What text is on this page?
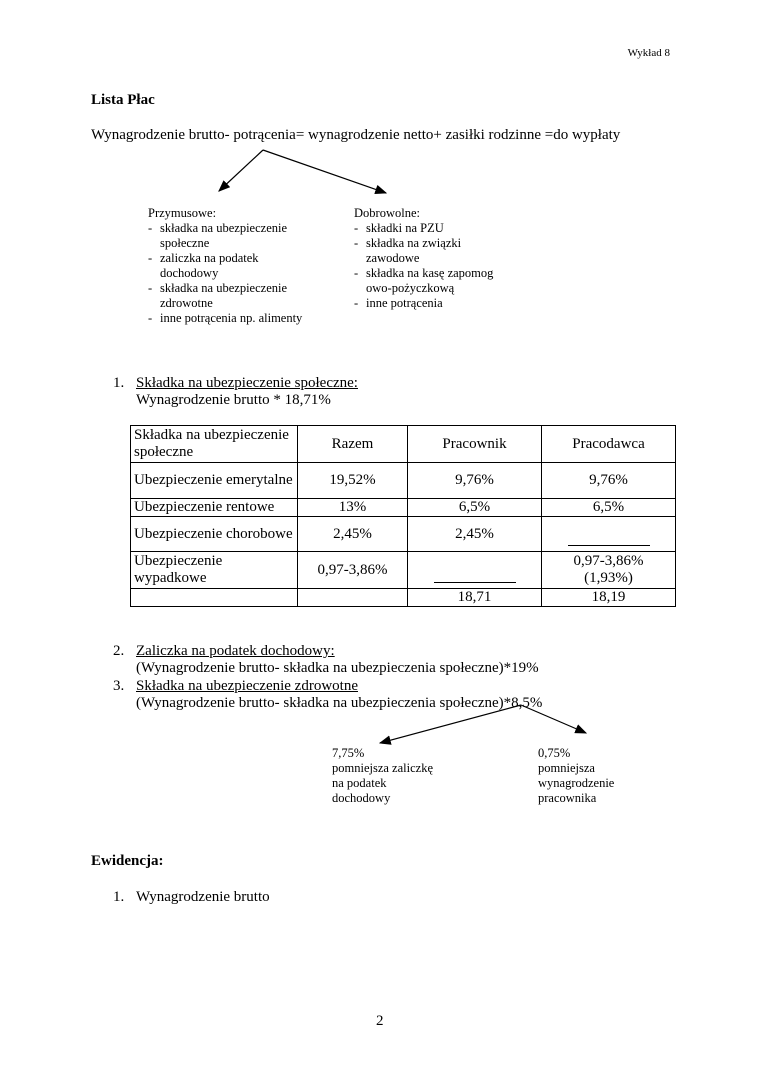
Wykład 8
Lista Płac
Wynagrodzenie brutto- potrącenia= wynagrodzenie netto+ zasiłki rodzinne =do wypłaty
Przymusowe:
- składka na ubezpieczenie społeczne
- zaliczka na podatek dochodowy
- składka na ubezpieczenie zdrowotne
- inne potrącenia np. alimenty
Dobrowolne:
- składki na PZU
- składka na związki zawodowe
- składka na kasę zapomogowo-pożyczkową
- inne potrącenia
1. Składka na ubezpieczenie społeczne:
Wynagrodzenie brutto * 18,71%
Składka na ubezpieczenie społeczne	Razem	Pracownik	Pracodawca
Ubezpieczenie emerytalne	19,52%	9,76%	9,76%
Ubezpieczenie rentowe	13%	6,5%	6,5%
Ubezpieczenie chorobowe	2,45%	2,45%	
Ubezpieczenie wypadkowe	0,97-3,86%		0,97-3,86% (1,93%)
		18,71	18,19
2. Zaliczka na podatek dochodowy:
(Wynagrodzenie brutto- składka na ubezpieczenia społeczne)*19%
3. Składka na ubezpieczenie zdrowotne
(Wynagrodzenie brutto- składka na ubezpieczenia społeczne)*8,5%
7,75%
pomniejsza zaliczkę
na podatek
dochodowy
0,75%
pomniejsza
wynagrodzenie
pracownika
Ewidencja:
1. Wynagrodzenie brutto
2
